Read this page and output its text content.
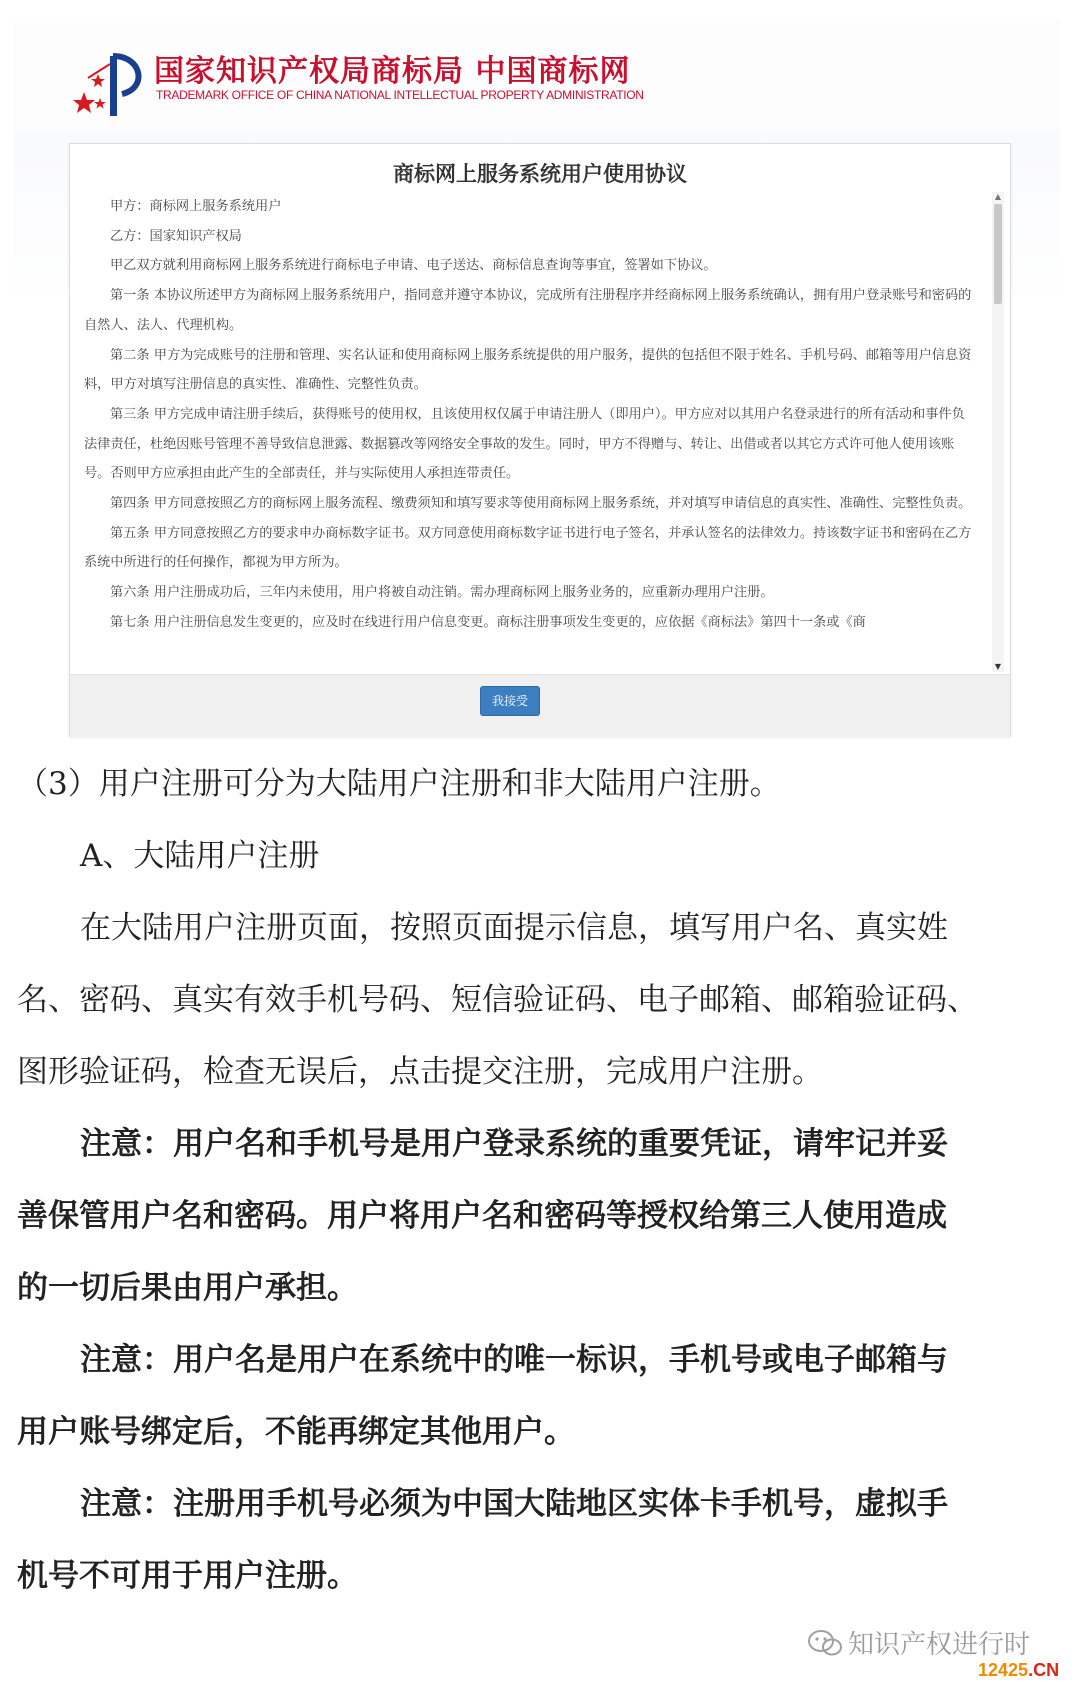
国家知识产权局商标局 中国商标网
TRADEMARK OFFICE OF CHINA NATIONAL INTELLECTUAL PROPERTY ADMINISTRATION
商标网上服务系统用户使用协议

甲方：商标网上服务系统用户

乙方：国家知识产权局

甲乙双方就利用商标网上服务系统进行商标电子申请、电子送达、商标信息查询等事宜，签署如下协议。

第一条 本协议所述甲方为商标网上服务系统用户，指同意并遵守本协议，完成所有注册程序并经商标网上服务系统确认，拥有用户登录账号和密码的自然人、法人、代理机构。

第二条 甲方为完成账号的注册和管理、实名认证和使用商标网上服务系统提供的用户服务，提供的包括但不限于姓名、手机号码、邮箱等用户信息资料，甲方对填写注册信息的真实性、准确性、完整性负责。

第三条 甲方完成申请注册手续后，获得账号的使用权，且该使用权仅属于申请注册人（即用户）。甲方应对以其用户名登录进行的所有活动和事件负法律责任，杜绝因账号管理不善导致信息泄露、数据篡改等网络安全事故的发生。同时，甲方不得赠与、转让、出借或者以其它方式许可他人使用该账号。否则甲方应承担由此产生的全部责任，并与实际使用人承担连带责任。

第四条 甲方同意按照乙方的商标网上服务流程、缴费须知和填写要求等使用商标网上服务系统，并对填写申请信息的真实性、准确性、完整性负责。

第五条 甲方同意按照乙方的要求申办商标数字证书。双方同意使用商标数字证书进行电子签名，并承认签名的法律效力。持该数字证书和密码在乙方系统中所进行的任何操作，都视为甲方所为。

第六条 用户注册成功后，三年内未使用，用户将被自动注销。需办理商标网上服务业务的，应重新办理用户注册。

第七条 用户注册信息发生变更的，应及时在线进行用户信息变更。商标注册事项发生变更的，应依据《商标法》第四十一条或《商

▲
▼
我接受
（3）用户注册可分为大陆用户注册和非大陆用户注册。
A、大陆用户注册
在大陆用户注册页面，按照页面提示信息，填写用户名、真实姓
名、密码、真实有效手机号码、短信验证码、电子邮箱、邮箱验证码、
图形验证码，检查无误后，点击提交注册，完成用户注册。
注意：用户名和手机号是用户登录系统的重要凭证，请牢记并妥
善保管用户名和密码。用户将用户名和密码等授权给第三人使用造成
的一切后果由用户承担。
注意：用户名是用户在系统中的唯一标识，手机号或电子邮箱与
用户账号绑定后，不能再绑定其他用户。
注意：注册用手机号必须为中国大陆地区实体卡手机号，虚拟手
机号不可用于用户注册。
知识产权进行时
12425.CN
